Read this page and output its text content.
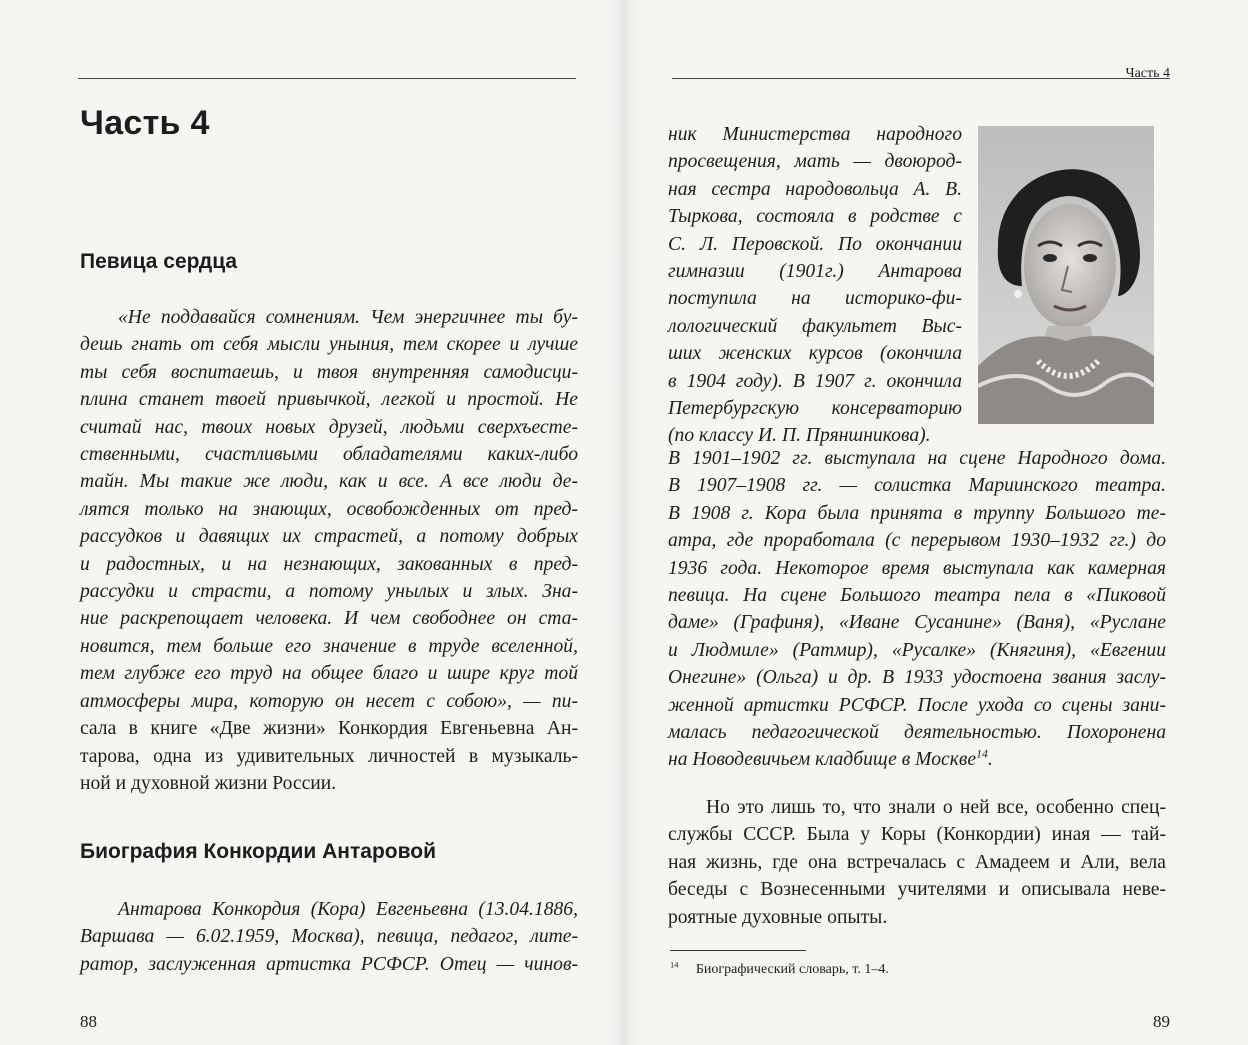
Часть 4
Певица сердца
«Не поддавайся сомнениям. Чем энергичнее ты бу-
дешь гнать от себя мысли уныния, тем скорее и лучше
ты себя воспитаешь, и твоя внутренняя самодисци-
плина станет твоей привычкой, легкой и простой. Не
считай нас, твоих новых друзей, людьми сверхъесте-
ственными, счастливыми обладателями каких-либо
тайн. Мы такие же люди, как и все. А все люди де-
лятся только на знающих, освобожденных от пред-
рассудков и давящих их страстей, а потому добрых
и радостных, и на незнающих, закованных в пред-
рассудки и страсти, а потому унылых и злых. Зна-
ние раскрепощает человека. И чем свободнее он ста-
новится, тем больше его значение в труде вселенной,
тем глубже его труд на общее благо и шире круг той
атмосферы мира, которую он несет с собою», — пи-
сала в книге «Две жизни» Конкордия Евгеньевна Ан-
тарова, одна из удивительных личностей в музыкаль-
ной и духовной жизни России.
Биография Конкордии Антаровой
Антарова Конкордия (Кора) Евгеньевна (13.04.1886,
Варшава — 6.02.1959, Москва), певица, педагог, лите-
ратор, заслуженная артистка РСФСР. Отец — чинов-
88
Часть 4
ник Министерства народного
просвещения, мать — двоюрод-
ная сестра народовольца А. В.
Тыркова, состояла в родстве с
С. Л. Перовской. По окончании
гимназии (1901г.) Антарова
поступила на историко-фи-
лологический факультет Выс-
ших женских курсов (окончила
в 1904 году). В 1907 г. окончила
Петербургскую консерваторию
(по классу И. П. Пряншникова).
В 1901–1902 гг. выступала на сцене Народного дома.
В 1907–1908 гг. — солистка Мариинского театра.
В 1908 г. Кора была принята в труппу Большого те-
атра, где проработала (с перерывом 1930–1932 гг.) до
1936 года. Некоторое время выступала как камерная
певица. На сцене Большого театра пела в «Пиковой
даме» (Графиня), «Иване Сусанине» (Ваня), «Руслане
и Людмиле» (Ратмир), «Русалке» (Княгиня), «Евгении
Онегине» (Ольга) и др. В 1933 удостоена звания заслу-
женной артистки РСФСР. После ухода со сцены зани-
малась педагогической деятельностью. Похоронена
на Новодевичьем кладбище в Москве$^{14}$.
Но это лишь то, что знали о ней все, особенно спец-
службы СССР. Была у Коры (Конкордии) иная — тай-
ная жизнь, где она встречалась с Амадеем и Али, вела
беседы с Вознесенными учителями и описывала неве-
роятные духовные опыты.
$^{14}$ Биографический словарь, т. 1–4.
89
